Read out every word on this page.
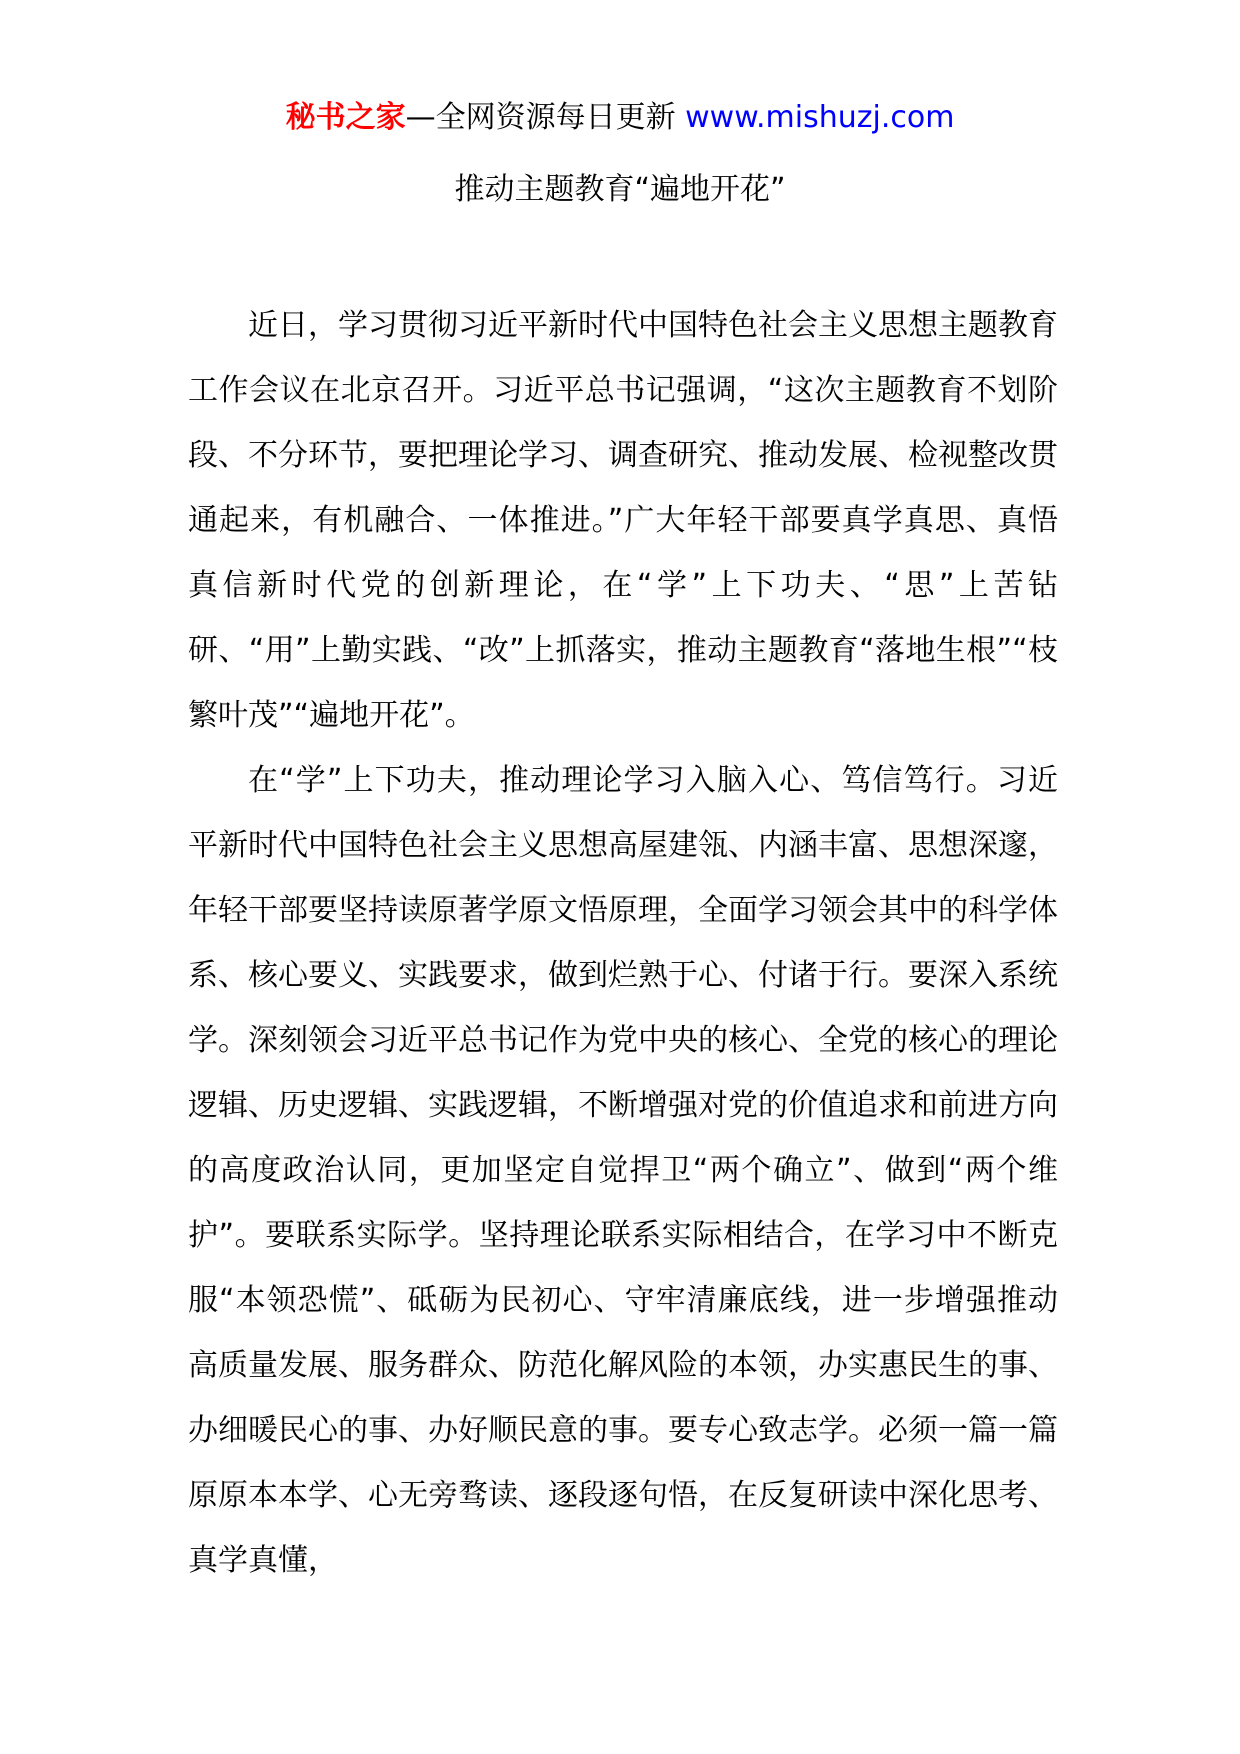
秘书之家—全网资源每日更新 www.mishuzj.com
推动主题教育“遍地开花”

近日，学习贯彻习近平新时代中国特色社会主义思想主题教育工作会议在北京召开。习近平总书记强调，“这次主题教育不划阶段、不分环节，要把理论学习、调查研究、推动发展、检视整改贯通起来，有机融合、一体推进。”广大年轻干部要真学真思、真悟真信新时代党的创新理论，在“学”上下功夫、“思”上苦钻研、“用”上勤实践、“改”上抓落实，推动主题教育“落地生根”“枝繁叶茂”“遍地开花”。

在“学”上下功夫，推动理论学习入脑入心、笃信笃行。习近平新时代中国特色社会主义思想高屋建瓴、内涵丰富、思想深邃，年轻干部要坚持读原著学原文悟原理，全面学习领会其中的科学体系、核心要义、实践要求，做到烂熟于心、付诸于行。要深入系统学。深刻领会习近平总书记作为党中央的核心、全党的核心的理论逻辑、历史逻辑、实践逻辑，不断增强对党的价值追求和前进方向的高度政治认同，更加坚定自觉捍卫“两个确立”、做到“两个维护”。要联系实际学。坚持理论联系实际相结合，在学习中不断克服“本领恐慌”、砥砺为民初心、守牢清廉底线，进一步增强推动高质量发展、服务群众、防范化解风险的本领，办实惠民生的事、办细暖民心的事、办好顺民意的事。要专心致志学。必须一篇一篇原原本本学、心无旁骛读、逐段逐句悟，在反复研读中深化思考、真学真懂，
